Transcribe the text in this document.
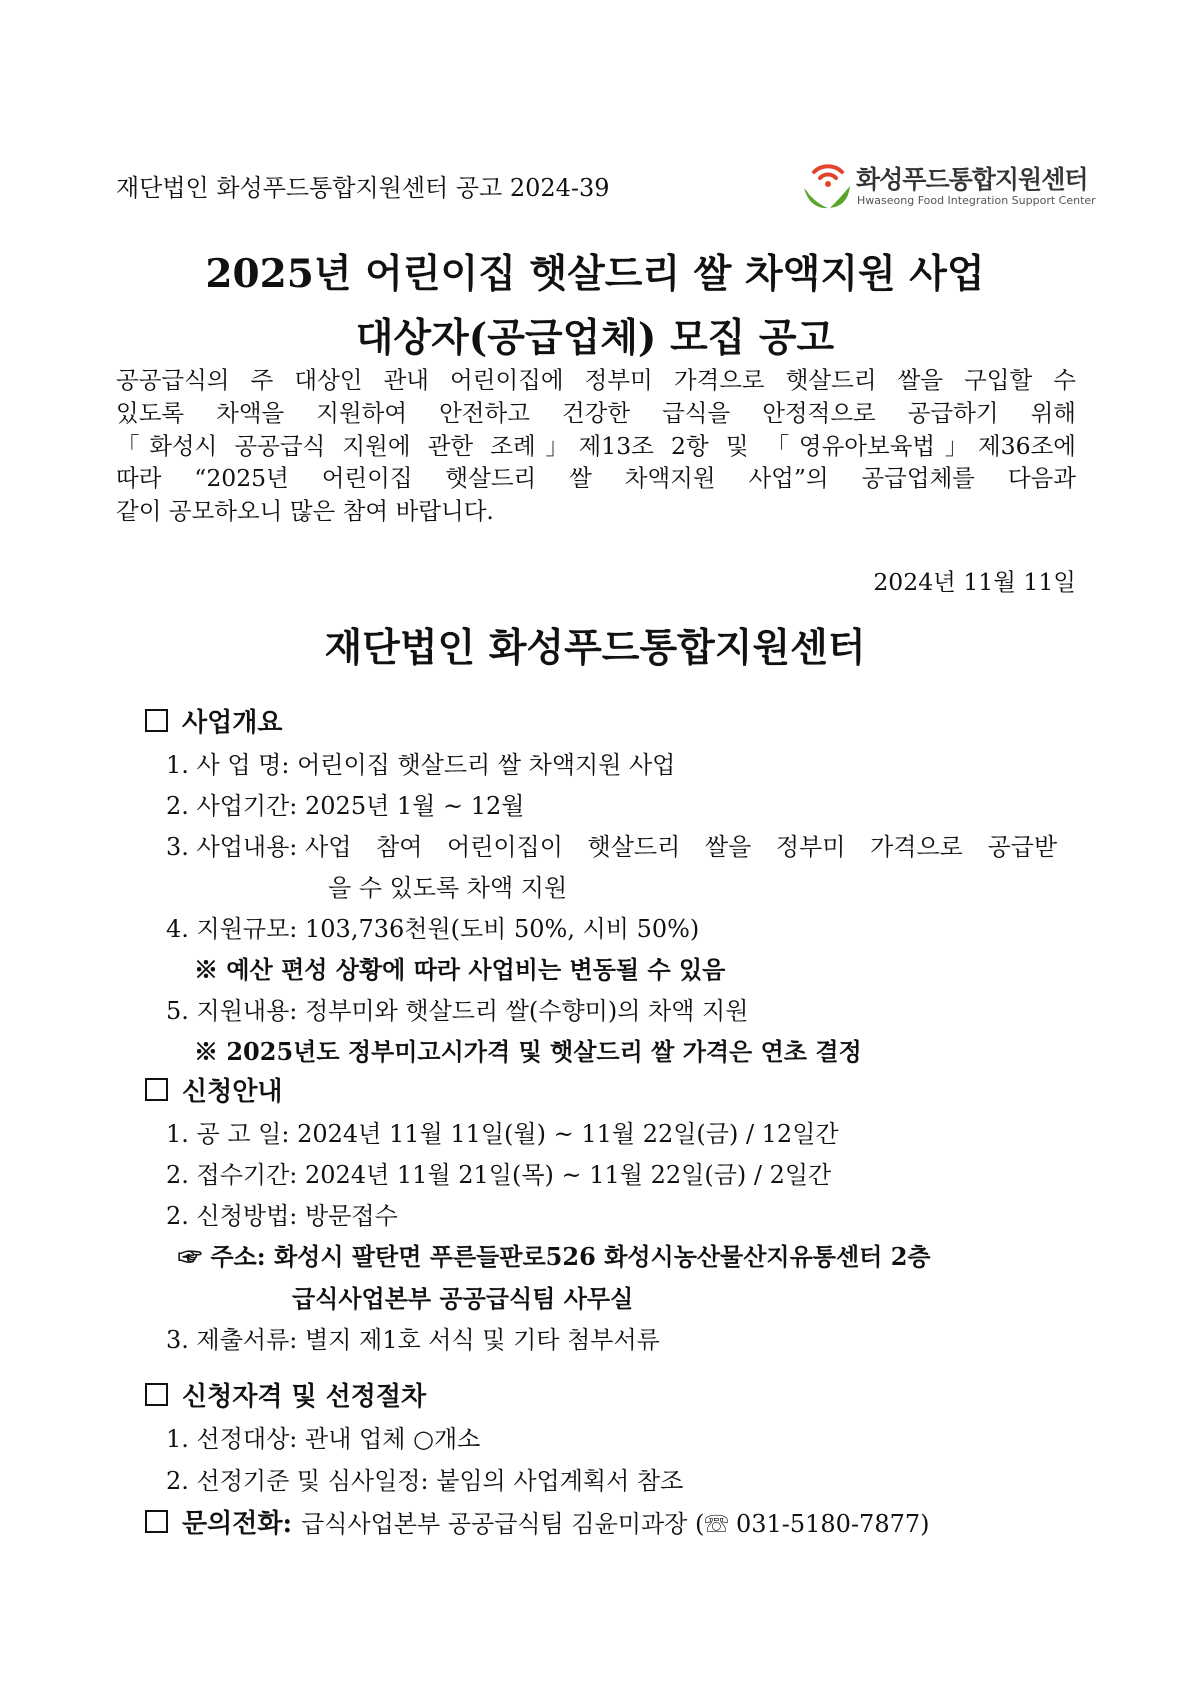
재단법인 화성푸드통합지원센터 공고 2024-39	화성푸드통합지원센터
Hwaseong Food Integration Support Center
2025년 어린이집 햇살드리 쌀 차액지원 사업
대상자(공급업체) 모집 공고
공공급식의 주 대상인 관내 어린이집에 정부미 가격으로 햇살드리 쌀을 구입할 수
있도록 차액을 지원하여 안전하고 건강한 급식을 안정적으로 공급하기 위해
「화성시 공공급식 지원에 관한 조례」제13조 2항 및 「영유아보육법」제36조에
따라 “2025년 어린이집 햇살드리 쌀 차액지원 사업”의 공급업체를 다음과
같이 공모하오니 많은 참여 바랍니다.
2024년 11월 11일
재단법인 화성푸드통합지원센터
사업개요
1. 사 업 명: 어린이집 햇살드리 쌀 차액지원 사업
2. 사업기간: 2025년 1월 ~ 12월
3. 사업내용: 사업 참여 어린이집이 햇살드리 쌀을 정부미 가격으로 공급받
을 수 있도록 차액 지원
4. 지원규모: 103,736천원(도비 50%, 시비 50%)
※ 예산 편성 상황에 따라 사업비는 변동될 수 있음
5. 지원내용: 정부미와 햇살드리 쌀(수향미)의 차액 지원
※ 2025년도 정부미고시가격 및 햇살드리 쌀 가격은 연초 결정
신청안내
1. 공 고 일: 2024년 11월 11일(월) ~ 11월 22일(금) / 12일간
2. 접수기간: 2024년 11월 21일(목) ~ 11월 22일(금) / 2일간
2. 신청방법: 방문접수
☞ 주소: 화성시 팔탄면 푸른들판로526 화성시농산물산지유통센터 2층
급식사업본부 공공급식팀 사무실
3. 제출서류: 별지 제1호 서식 및 기타 첨부서류
신청자격 및 선정절차
1. 선정대상: 관내 업체 ○개소
2. 선정기준 및 심사일정: 붙임의 사업계획서 참조
문의전화: 급식사업본부 공공급식팀 김윤미과장 (☏ 031-5180-7877)
